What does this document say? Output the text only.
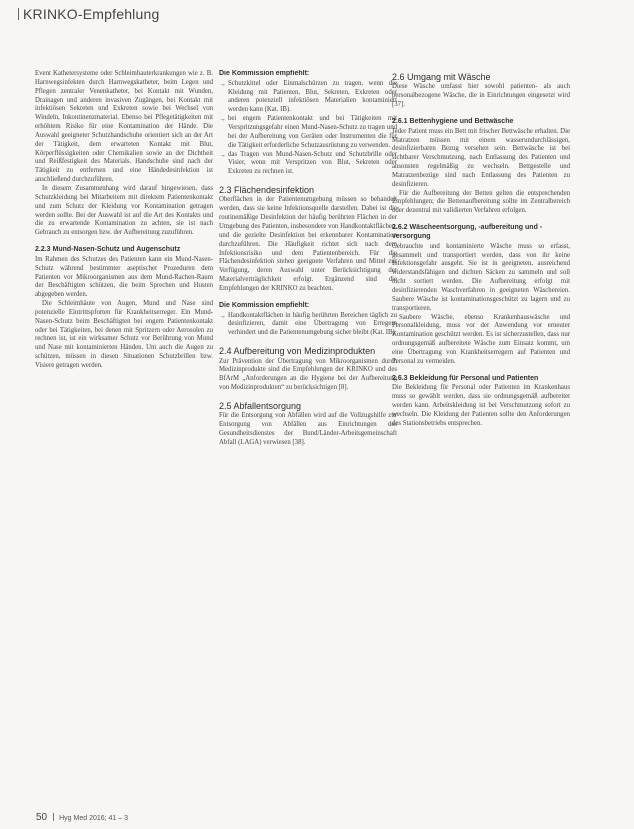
KRINKO-Empfehlung

Event Kathetersysteme oder Schleimhauterkrankungen wie z. B. Harnwegsinfekten durch Harnwegskatheter, beim Legen und Pflegen zentraler Venenkatheter, bei Kontakt mit Wunden, Drainagen und anderen invasiven Zugängen, bei Kontakt mit infektiösen Sekreten und Exkreten sowie bei Wechsel von Windeln, Inkontinenzmaterial. Ebenso bei Pflegetätigkeiten mit erhöhtem Risiko für eine Kontamination der Hände. Die Auswahl geeigneter Schutzhandschuhe orientiert sich an der Art der Tätigkeit, dem erwarteten Kontakt mit Blut, Körperflüssigkeiten oder Chemikalien sowie an der Dichtheit und Reißfestigkeit des Materials. Handschuhe sind nach der Tätigkeit zu entfernen und eine Händedesinfektion ist anschließend durchzuführen.

In diesem Zusammenhang wird darauf hingewiesen, dass Schutzkleidung bei Mitarbeitern mit direktem Patientenkontakt und zum Schutz der Kleidung vor Kontamination getragen werden sollte. Bei der Auswahl ist auf die Art des Kontakts und die zu erwartende Kontamination zu achten, sie ist nach Gebrauch zu entsorgen bzw. der Aufbereitung zuzuführen.

2.2.3 Mund-Nasen-Schutz und Augenschutz

Im Rahmen des Schutzes des Patienten kann ein Mund-Nasen-Schutz während bestimmter aseptischer Prozeduren dem Patienten vor Mikroorganismen aus dem Mund-Rachen-Raum der Beschäftigten schützen, die beim Sprechen und Husten abgegeben werden.

Die Schleimhäute von Augen, Mund und Nase sind potenzielle Eintrittspforten für Krankheitserreger. Ein Mund-Nasen-Schutz beim Beschäftigten bei engem Patientenkontakt oder bei Tätigkeiten, bei denen mit Spritzern oder Aerosolen zu rechnen ist, ist ein wirksamer Schutz vor Berührung von Mund und Nase mit kontaminierten Händen. Um auch die Augen zu schützen, müssen in diesen Situationen Schutzbrillen bzw. Visiere getragen werden.

Die Kommission empfiehlt:
→ Schutzkittel oder Einmalschürzen zu tragen, wenn die Kleidung mit Patienten, Blut, Sekreten, Exkreten oder anderen potenziell infektiösen Materialien kontaminiert werden kann (Kat. IB).
→ bei engem Patientenkontakt und bei Tätigkeiten mit Verspritzungsgefahr einen Mund-Nasen-Schutz zu tragen und bei der Aufbereitung von Geräten oder Instrumenten die für die Tätigkeit erforderliche Schutzausrüstung zu verwenden.
→ das Tragen von Mund-Nasen-Schutz und Schutzbrille oder Visier, wenn mit Verspritzen von Blut, Sekreten oder Exkreten zu rechnen ist.
2.3 Flächendesinfektion

Oberflächen in der Patientenumgebung müssen so behandelt werden, dass sie keine Infektionsquelle darstellen. Dabei ist die routinemäßige Desinfektion der häufig berührten Flächen in der Umgebung des Patienten, insbesondere von Handkontaktflächen, und die gezielte Desinfektion bei erkennbarer Kontamination durchzuführen. Die Häufigkeit richtet sich nach dem Infektionsrisiko und dem Patientenbereich. Für die Flächendesinfektion stehen geeignete Verfahren und Mittel zur Verfügung, deren Auswahl unter Berücksichtigung der Materialverträglichkeit erfolgt. Ergänzend sind die Empfehlungen der KRINKO zu beachten.

Die Kommission empfiehlt:
→ Handkontaktflächen in häufig berührten Bereichen täglich zu desinfizieren, damit eine Übertragung von Erregern verhindert und die Patientenumgebung sicher bleibt (Kat. IB).
2.4 Aufbereitung von Medizinprodukten

Zur Prävention der Übertragung von Mikroorganismen durch Medizinprodukte sind die Empfehlungen der KRINKO und des BfArM „Anforderungen an die Hygiene bei der Aufbereitung von Medizinprodukten“ zu berücksichtigen [8].

2.5 Abfallentsorgung

Für die Entsorgung von Abfällen wird auf die Vollzugshilfe zur Entsorgung von Abfällen aus Einrichtungen des Gesundheitsdienstes der Bund/Länder-Arbeitsgemeinschaft Abfall (LAGA) verwiesen [38].

2.6 Umgang mit Wäsche

Diese Wäsche umfasst hier sowohl patienten- als auch personalbezogene Wäsche, die in Einrichtungen eingesetzt wird [37].

2.6.1 Bettenhygiene und Bettwäsche

Jeder Patient muss ein Bett mit frischer Bettwäsche erhalten. Die Matratzen müssen mit einem wasserundurchlässigen, desinfizierbaren Bezug versehen sein. Bettwäsche ist bei sichtbarer Verschmutzung, nach Entlassung des Patienten und ansonsten regelmäßig zu wechseln. Bettgestelle und Matratzenbezüge sind nach Entlassung des Patienten zu desinfizieren.

Für die Aufbereitung der Betten gelten die entsprechenden Empfehlungen; die Bettenaufbereitung sollte im Zentralbereich oder dezentral mit validierten Verfahren erfolgen.

2.6.2 Wäscheentsorgung, -aufbereitung und -versorgung

Gebrauchte und kontaminierte Wäsche muss so erfasst, gesammelt und transportiert werden, dass von ihr keine Infektionsgefahr ausgeht. Sie ist in geeigneten, ausreichend widerstandsfähigen und dichten Säcken zu sammeln und soll nicht sortiert werden. Die Aufbereitung erfolgt mit desinfizierenden Waschverfahren in geeigneten Wäschereien. Saubere Wäsche ist kontaminationsgeschützt zu lagern und zu transportieren.

Saubere Wäsche, ebenso Krankenhauswäsche und Personalkleidung, muss vor der Anwendung vor erneuter Kontamination geschützt werden. Es ist sicherzustellen, dass nur ordnungsgemäß aufbereitete Wäsche zum Einsatz kommt, um eine Übertragung von Krankheitserregern auf Patienten und Personal zu vermeiden.

2.6.3 Bekleidung für Personal und Patienten

Die Bekleidung für Personal oder Patienten im Krankenhaus muss so gewählt werden, dass sie ordnungsgemäß aufbereitet werden kann. Arbeitskleidung ist bei Verschmutzung sofort zu wechseln. Die Kleidung der Patienten sollte den Anforderungen des Stationsbetriebs entsprechen.

50 Hyg Med 2016; 41 – 3
